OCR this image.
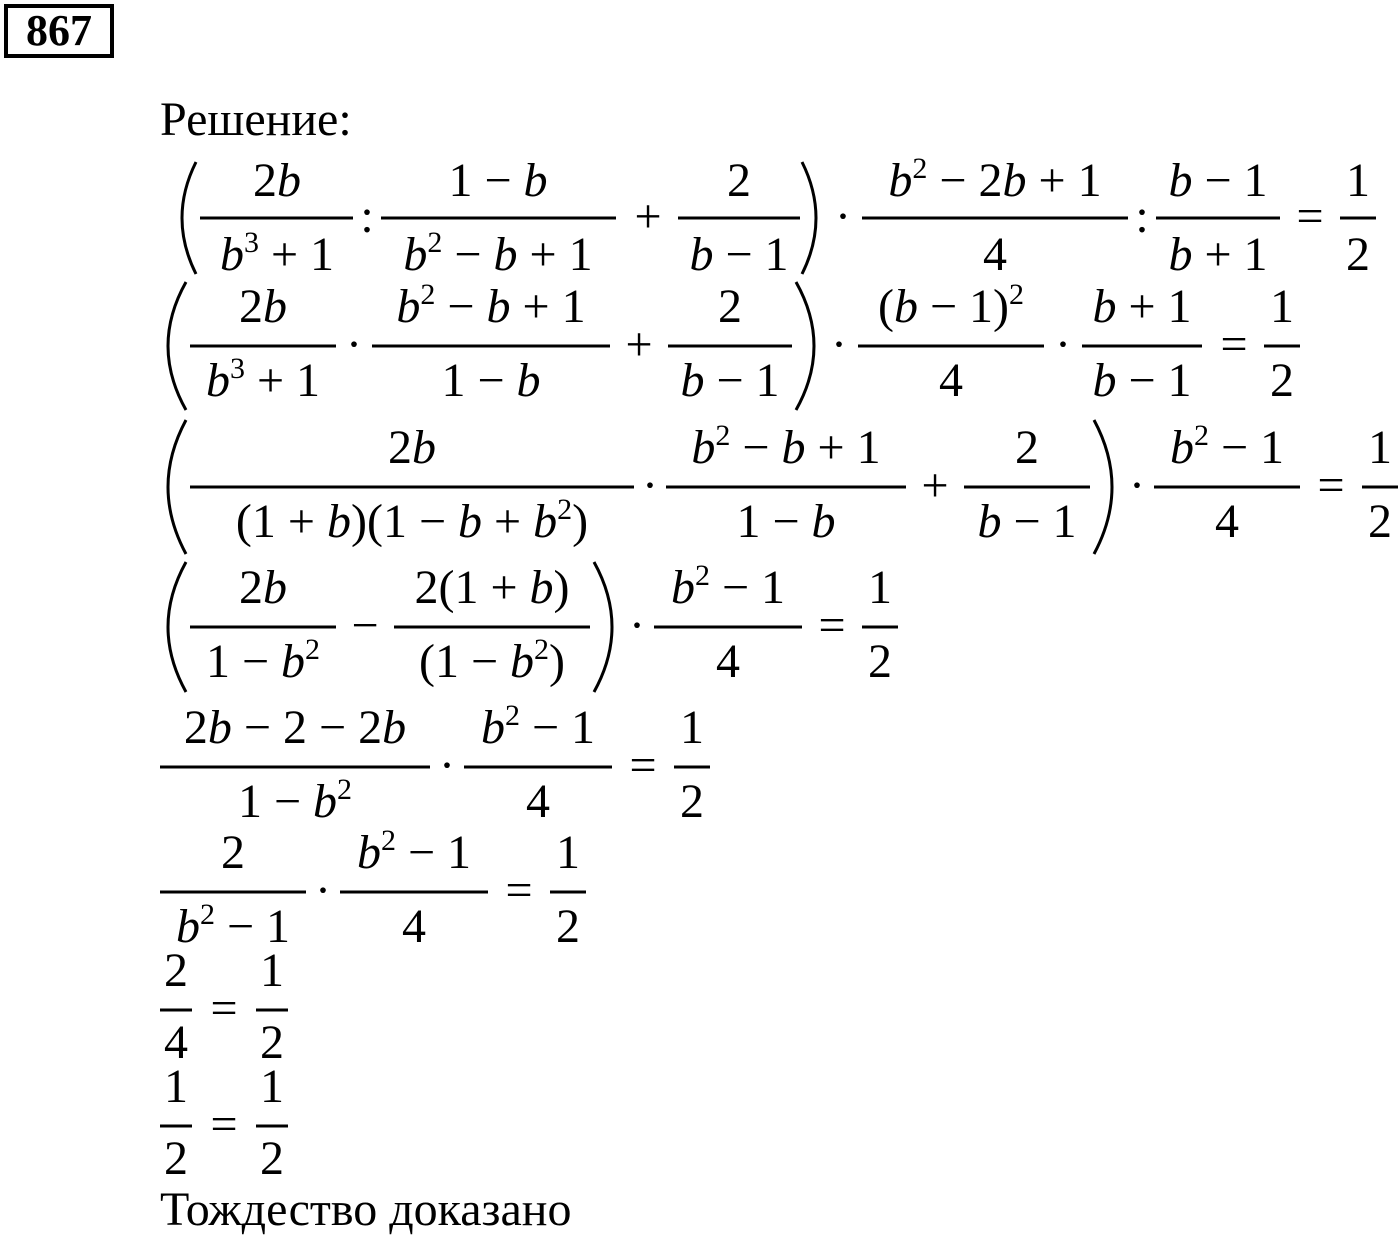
867
Решение:
2b
$b^3 + 1$
:
1 − b
$b^2 - b + 1$
+
2
b − 1
·
$b^2 - 2b + 1$
4
:
b − 1
b + 1
=
1
2
2b
$b^3 + 1$
·
$b^2 - b + 1$
1 − b
+
2
b − 1
·
$(b - 1)^2$
4
·
b + 1
b − 1
=
1
2
2b
$(1 + b)(1 - b + b^2)$
·
$b^2 - b + 1$
1 − b
+
2
b − 1
·
$b^2 - 1$
4
=
1
2
2b
$1 - b^2$ −
2(1 + b)
$(1 - b^2)$
·
$b^2 - 1$
4
=
1
2
2b − 2 − 2b
$1 - b^2$ ·
$b^2 - 1$
4
=
1
2
2
$b^2 - 1$
·
$b^2 - 1$
4
=
1
2
2
4
=
1
2
1
2
=
1
2
Тождество доказано
